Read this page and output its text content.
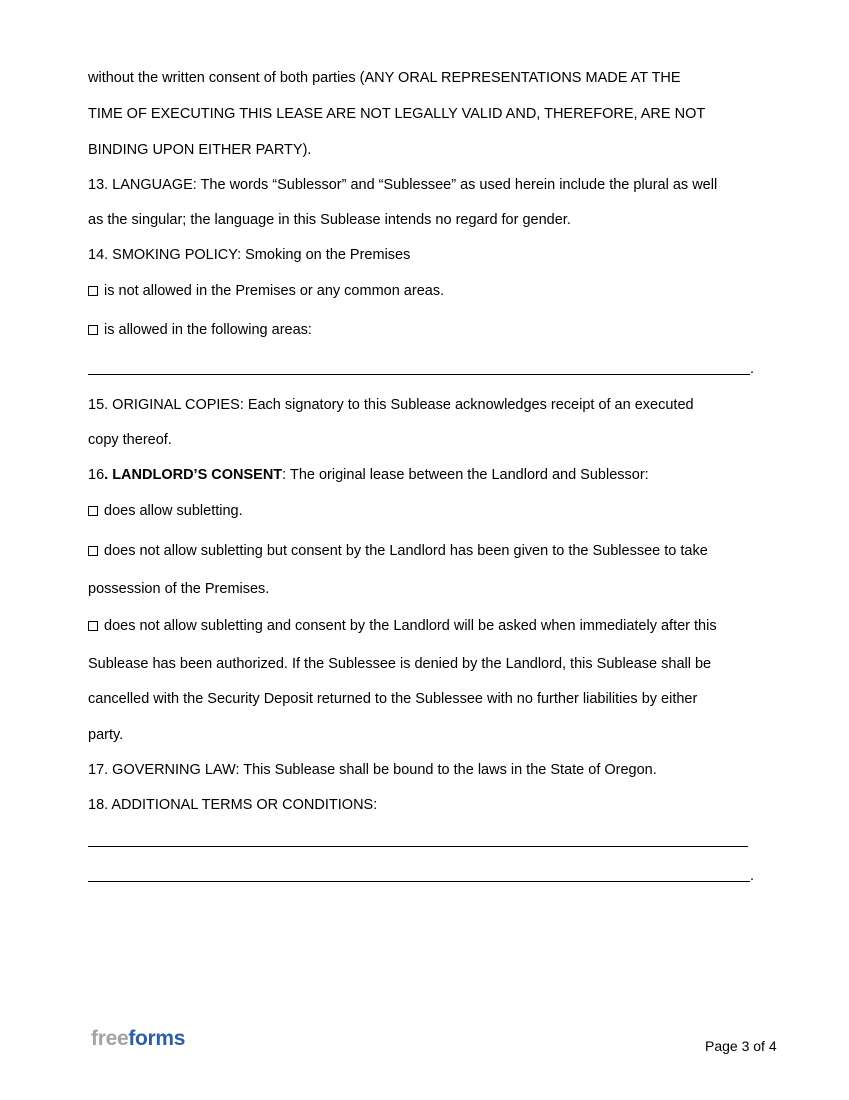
without the written consent of both parties (ANY ORAL REPRESENTATIONS MADE AT THE
TIME OF EXECUTING THIS LEASE ARE NOT LEGALLY VALID AND, THEREFORE, ARE NOT
BINDING UPON EITHER PARTY).
13. LANGUAGE: The words “Sublessor” and “Sublessee” as used herein include the plural as well
as the singular; the language in this Sublease intends no regard for gender.
14. SMOKING POLICY: Smoking on the Premises
is not allowed in the Premises or any common areas.
is allowed in the following areas:
.
15. ORIGINAL COPIES: Each signatory to this Sublease acknowledges receipt of an executed
copy thereof.
16. LANDLORD’S CONSENT: The original lease between the Landlord and Sublessor:
does allow subletting.
does not allow subletting but consent by the Landlord has been given to the Sublessee to take
possession of the Premises.
does not allow subletting and consent by the Landlord will be asked when immediately after this
Sublease has been authorized. If the Sublessee is denied by the Landlord, this Sublease shall be
cancelled with the Security Deposit returned to the Sublessee with no further liabilities by either
party.
17. GOVERNING LAW: This Sublease shall be bound to the laws in the State of Oregon.
18. ADDITIONAL TERMS OR CONDITIONS:
.
freeforms	Page 3 of 4
